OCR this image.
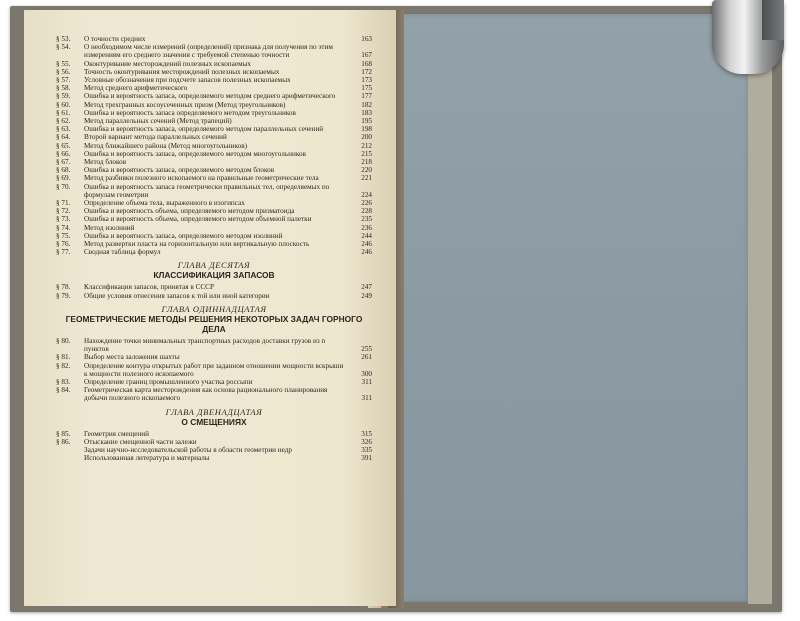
§ 53. О точности средних	163
§ 54. О необходимом числе измерений (определений) признака для получения по этим измерениям его среднего значения с требуемой степенью точности	167
§ 55. Оконтуривание месторождений полезных ископаемых	168
§ 56. Точность оконтуривания месторождений полезных ископаемых	172
§ 57. Условные обозначения при подсчете запасов полезных ископаемых	173
§ 58. Метод среднего арифметического	175
§ 59. Ошибка и вероятность запаса, определяемого методом среднего арифметического	177
§ 60. Метод трехгранных косоусеченных призм (Метод треугольников)	182
§ 61. Ошибка и вероятность запаса определяемого методом треугольников	183
§ 62. Метод параллельных сечений (Метод трапеций)	195
§ 63. Ошибка и вероятность запаса, определяемого методом параллельных сечений	198
§ 64. Второй вариант метода параллельных сечений	200
§ 65. Метод ближайшего района (Метод многоугольников)	212
§ 66. Ошибка и вероятность запаса, определяемого методом многоугольников	215
§ 67. Метод блоков	218
§ 68. Ошибка и вероятность запаса, определяемого методом блоков	220
§ 69. Метод разбивки полезного ископаемого на правильные геометрические тела	221
§ 70. Ошибка и вероятность запаса геометрически правильных тел, определяемых по формулам геометрии	224
§ 71. Определение объема тела, выраженного в изогипсах	226
§ 72. Ошибка и вероятность объема, определяемого методом призматоида	228
§ 73. Ошибка и вероятность объема, определяемого методом объемной палетки	235
§ 74. Метод изолиний	236
§ 75. Ошибка и вероятность запаса, определяемого методом изолиний	244
§ 76. Метод развертки пласта на горизонтальную или вертикальную плоскость	246
§ 77. Сводная таблица формул	246
ГЛАВА ДЕСЯТАЯ
КЛАССИФИКАЦИЯ ЗАПАСОВ
§ 78. Классификация запасов, принятая в СССР	247
§ 79. Общие условия отнесения запасов к той или иной категории	249
ГЛАВА ОДИННАДЦАТАЯ
ГЕОМЕТРИЧЕСКИЕ МЕТОДЫ РЕШЕНИЯ НЕКОТОРЫХ ЗАДАЧ ГОРНОГО ДЕЛА
§ 80. Нахождение точки минимальных транспортных расходов доставки грузов из n пунктов	255
§ 81. Выбор места заложения шахты	261
§ 82. Определение контура открытых работ при заданном отношении мощности вскрыши к мощности полезного ископаемого	300
§ 83. Определение границ промышленного участка россыпи	311
§ 84. Геометрическая карта месторождения как основа рационального планирования добычи полезного ископаемого	311
ГЛАВА ДВЕНАДЦАТАЯ
О СМЕЩЕНИЯХ
§ 85. Геометрия смещений	315
§ 86. Отыскание смещенной части залежи	326
Задачи научно-исследовательской работы в области геометрии недр	335
Использованная литература и материалы	391
